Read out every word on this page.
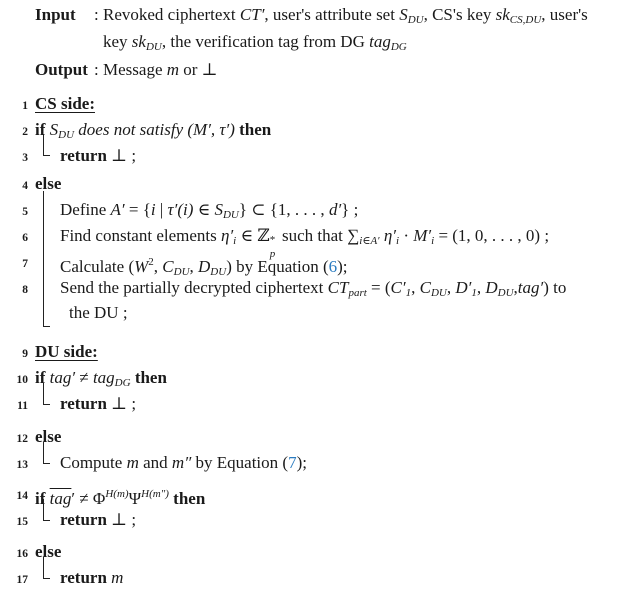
Input : Revoked ciphertext CT′, user's attribute set $S_{DU}$, CS's key $sk_{CS,DU}$, user's
key $sk_{DU}$, the verification tag from DG tag$_{DG}$
Output : Message m or ⊥
1 CS side:
2 if $S_{DU}$ does not satisfy (M′, τ′) then
3 return ⊥ ;
4 else
5 Define A′ = {i | τ′(i) ∈ $S_{DU}$} ⊂ {1, . . . , d′} ;
6 Find constant elements $\eta'_i$ ∈ ℤ *
p
such that $\sum_{i\in A'}$ $\eta'_i \cdot M'_i = (1$, 0, . . . , 0) ;
7 Calculate ($W^2$, $C_{DU}$, $D_{DU}$) by Equation (6);
8 Send the partially decrypted ciphertext $CT_{part} = (C'_1$, $C_{DU}$, $D'_1$, $D_{DU},tag'$) to
the DU ;
9 DU side:
10 if tag′ ≠ tag$_{DG}$ then
11 return ⊥ ;
12 else
13 Compute m and m″ by Equation (7);
14 if $\overline{tag}' \ne \Phi^{H(m)}\Psi^{H(m'')}$ then
15 return ⊥ ;
16 else
17 return m
